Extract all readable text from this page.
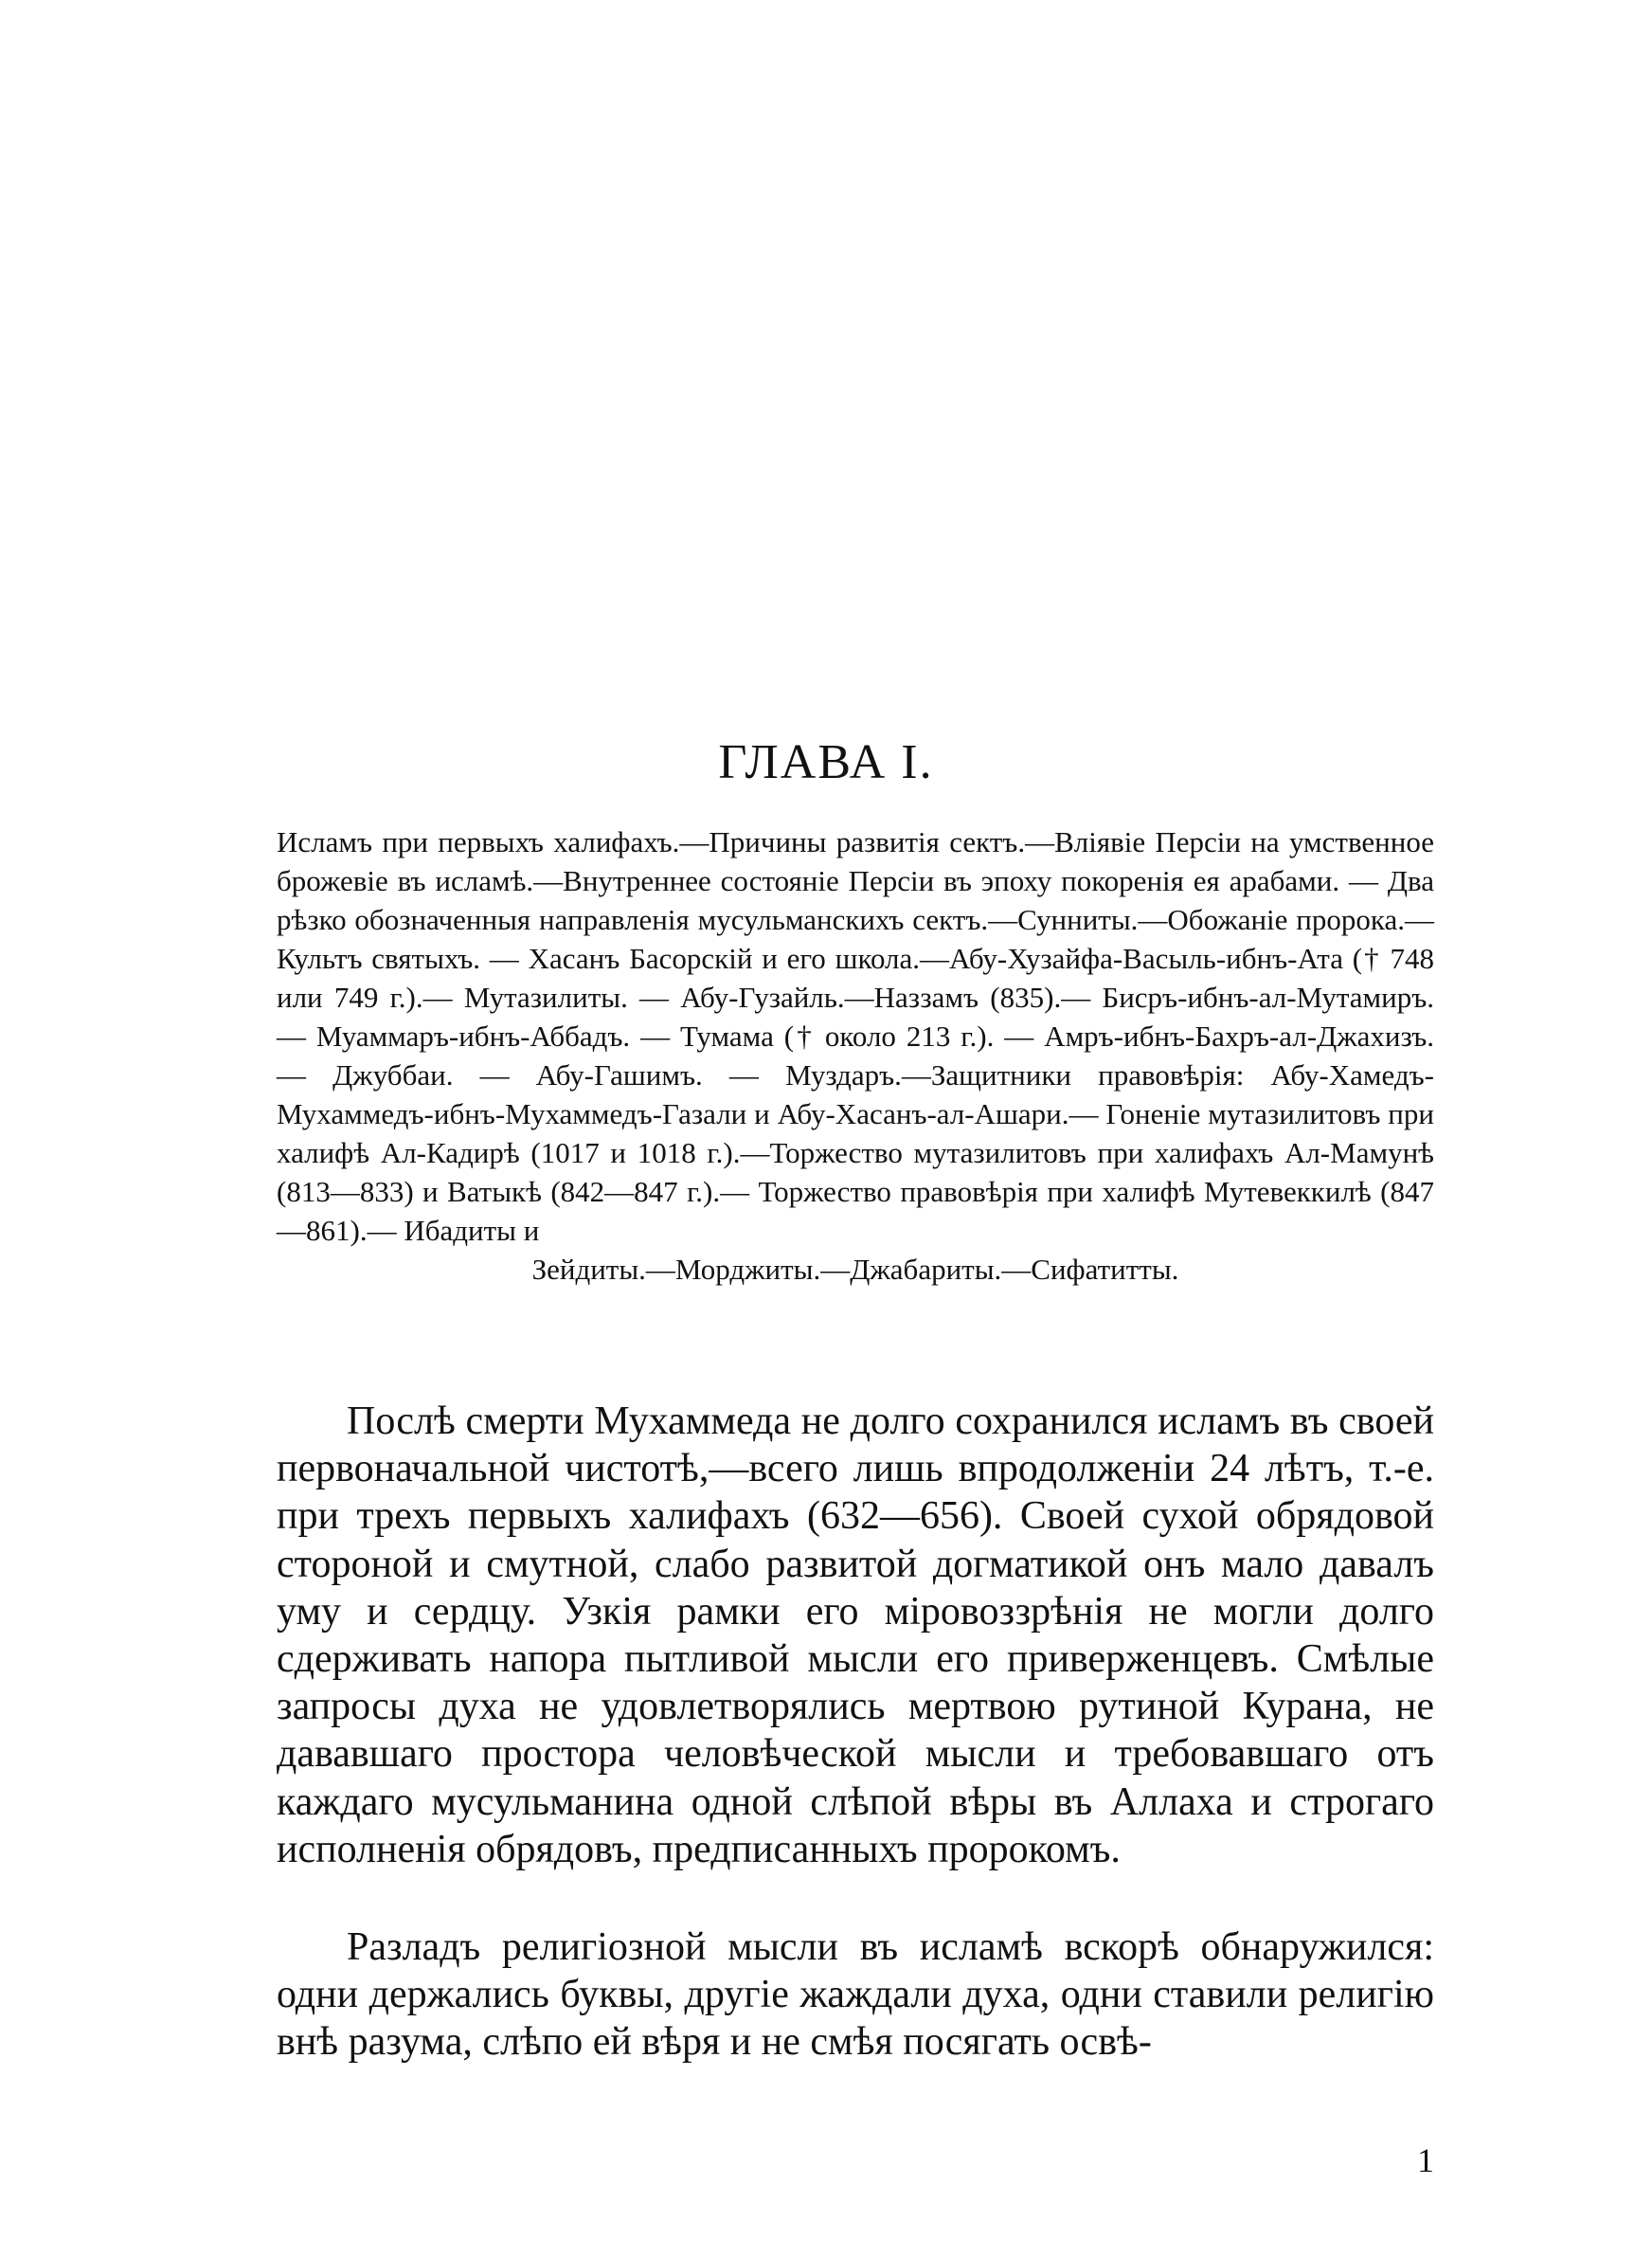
ГЛАВА I.

Исламъ при первыхъ халифахъ.—Причины развитія сектъ.—Вліявіе Персіи на умственное брожевіе въ исламѣ.—Внутреннее состояніе Персіи въ эпоху покоренія ея арабами. — Два рѣзко обозначенныя направленія мусульманскихъ сектъ.—Сунниты.—Обожаніе пророка.—Культъ святыхъ. — Хасанъ Басорскій и его школа.—Абу-Хузайфа-Васыль-ибнъ-Ата († 748 или 749 г.).— Мутазилиты. — Абу-Гузайль.—Наззамъ (835).— Бисръ-ибнъ-ал-Мутамиръ. — Муаммаръ-ибнъ-Аббадъ. — Тумама († около 213 г.). — Амръ-ибнъ-Бахръ-ал-Джахизъ. — Джуббаи. — Абу-Гашимъ. — Муздаръ.—Защитники правовѣрія: Абу-Хамедъ-Мухаммедъ-ибнъ-Мухаммедъ-Газали и Абу-Хасанъ-ал-Ашари.— Гоненіе мутазилитовъ при халифѣ Ал-Кадирѣ (1017 и 1018 г.).—Торжество мутазилитовъ при халифахъ Ал-Мамунѣ (813—833) и Ватыкѣ (842—847 г.).— Торжество правовѣрія при халифѣ Мутевеккилѣ (847—861).— Ибадиты и
Зейдиты.—Морджиты.—Джабариты.—Сифатитты.

Послѣ смерти Мухаммеда не долго сохранился исламъ въ своей первоначальной чистотѣ,—всего лишь впродолженіи 24 лѣтъ, т.-е. при трехъ первыхъ халифахъ (632—656). Своей сухой обрядовой стороной и смутной, слабо развитой догматикой онъ мало давалъ уму и сердцу. Узкія рамки его міровоззрѣнія не могли долго сдерживать напора пытливой мысли его приверженцевъ. Смѣлые запросы духа не удовлетворялись мертвою рутиной Курана, не дававшаго простора человѣческой мысли и требовавшаго отъ каждаго мусульманина одной слѣпой вѣры въ Аллаха и строгаго исполненія обрядовъ, предписанныхъ пророкомъ.

Разладъ религіозной мысли въ исламѣ вскорѣ обнаружился: одни держались буквы, другіе жаждали духа, одни ставили религію внѣ разума, слѣпо ей вѣря и не смѣя посягать освѣ-

1
